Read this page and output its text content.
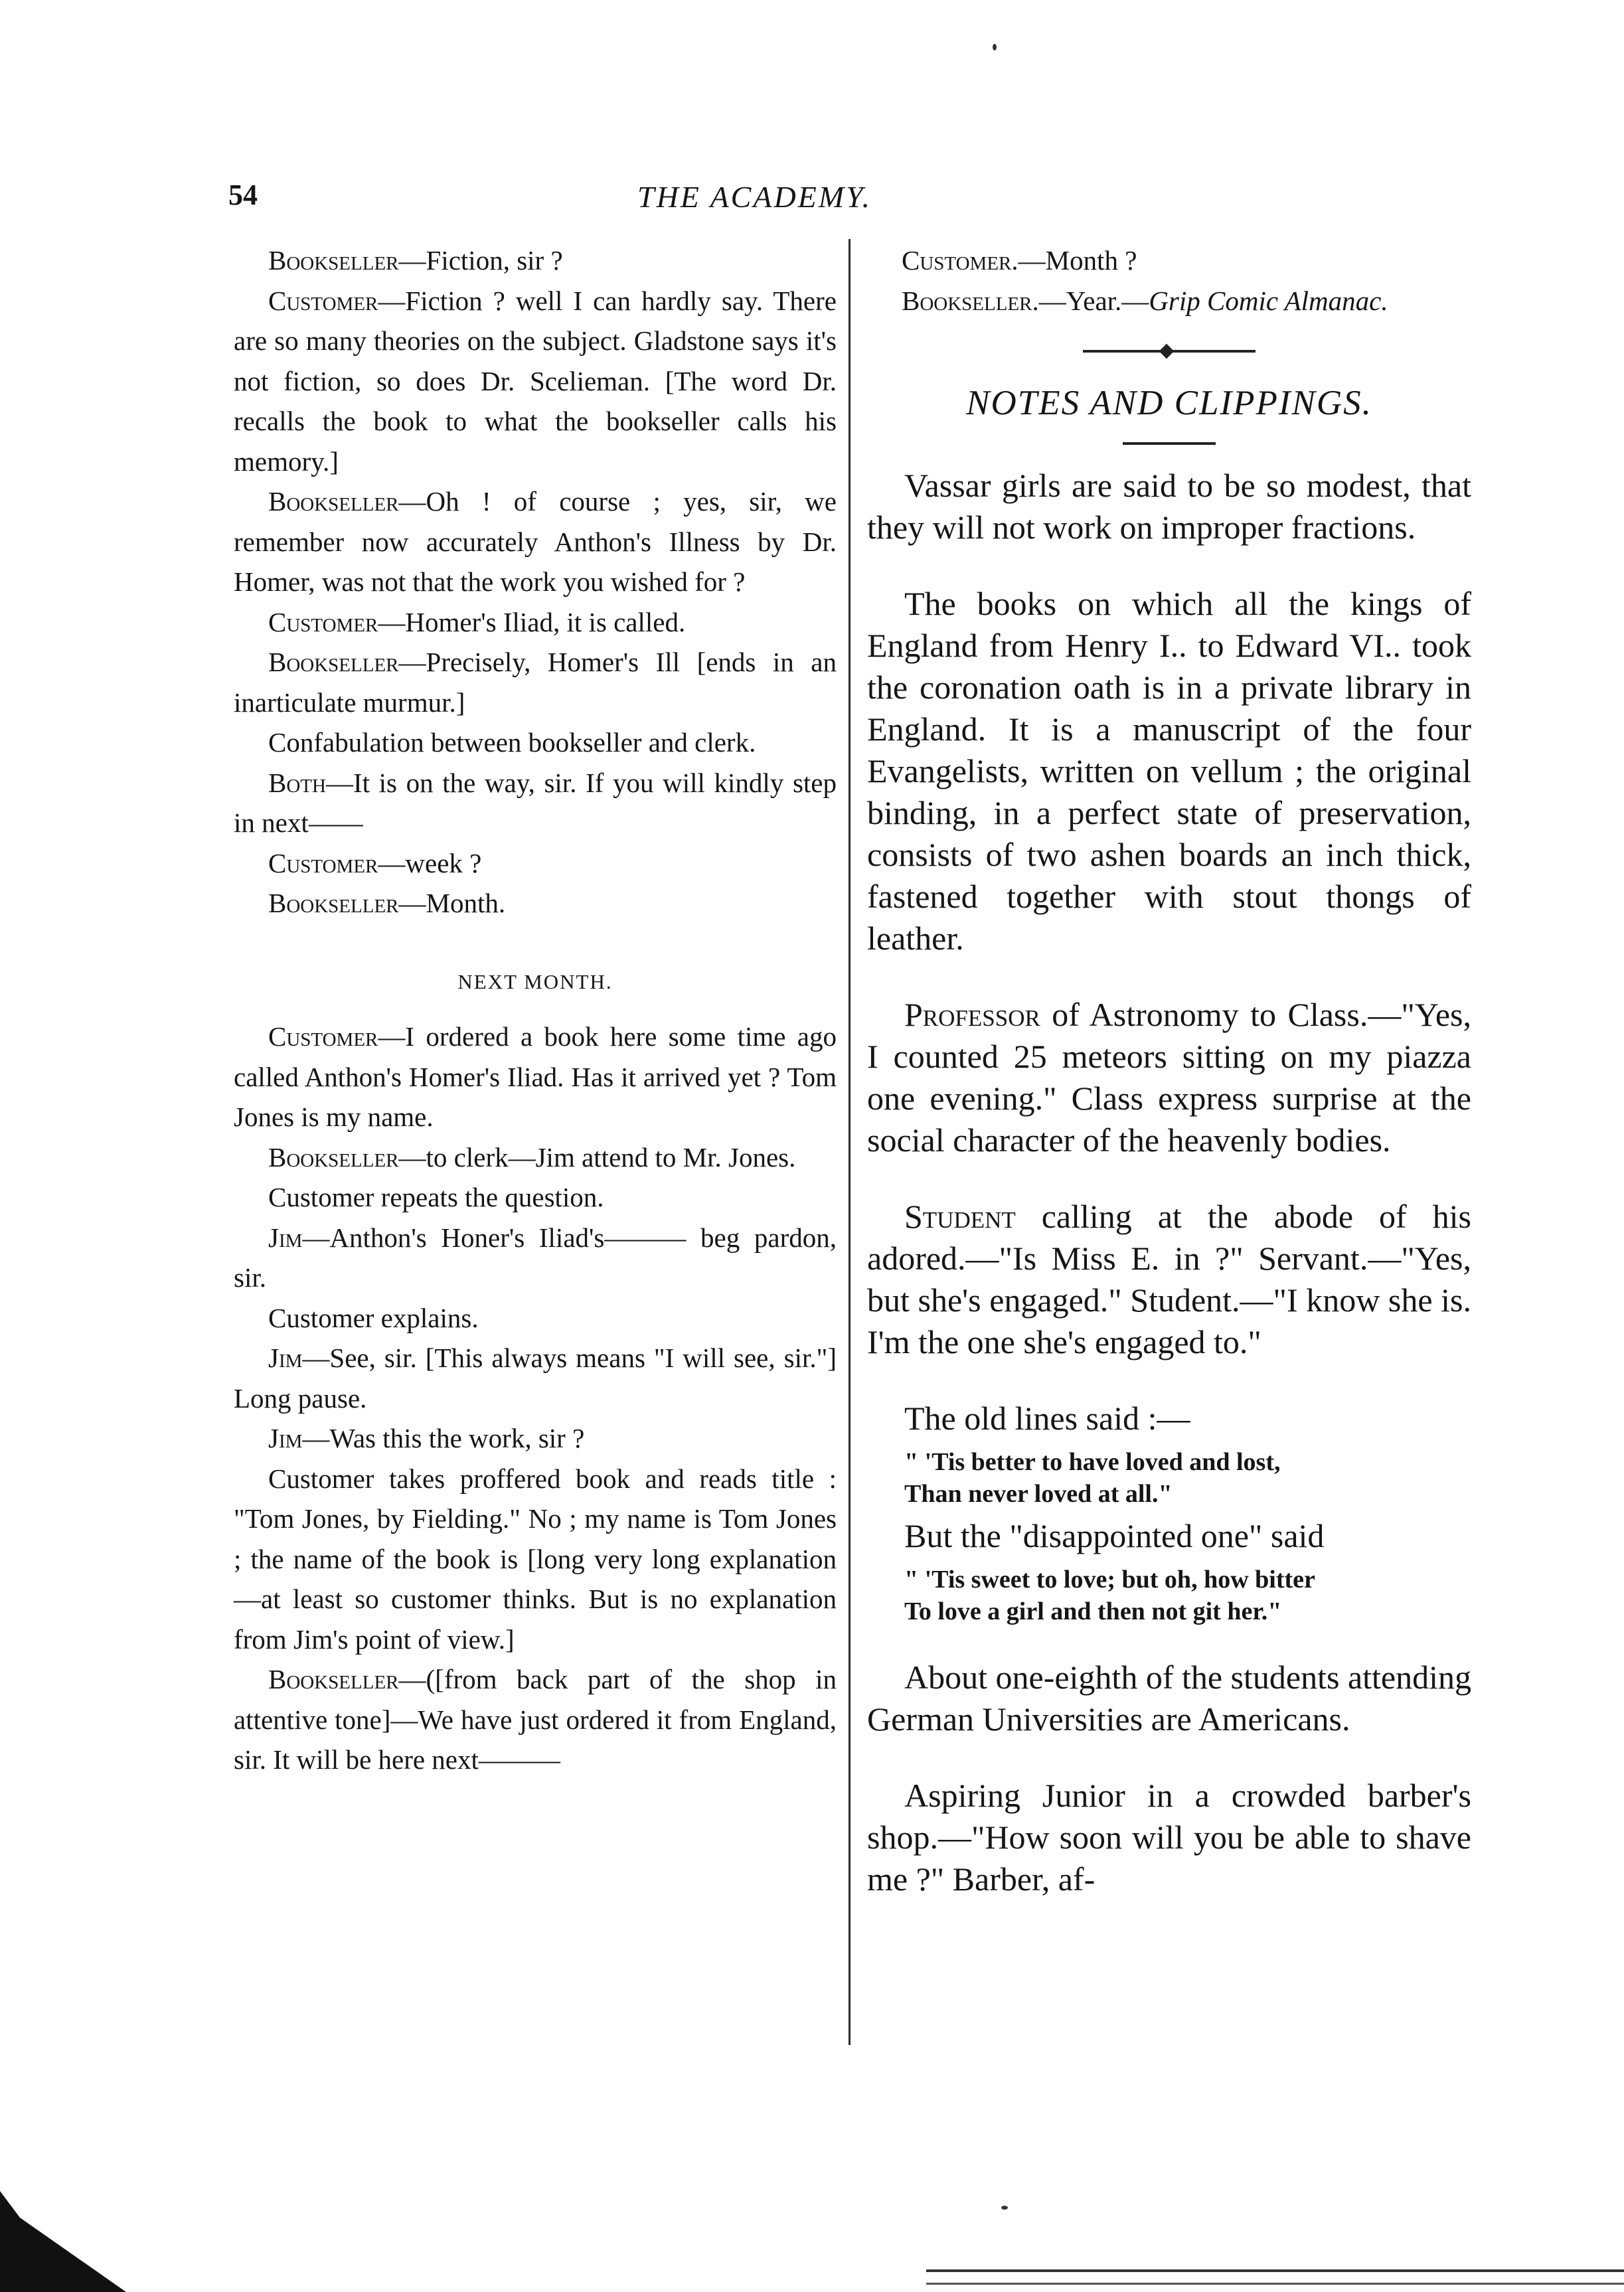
54	THE ACADEMY.

Bookseller—Fiction, sir ?

Customer—Fiction ? well I can hardly say. There are so many theories on the subject. Gladstone says it's not fiction, so does Dr. Scelieman. [The word Dr. recalls the book to what the bookseller calls his memory.]

Bookseller—Oh ! of course ; yes, sir, we remember now accurately Anthon's Illness by Dr. Homer, was not that the work you wished for ?

Customer—Homer's Iliad, it is called.

Bookseller—Precisely, Homer's Ill [ends in an inarticulate murmur.]

Confabulation between bookseller and clerk.

Both—It is on the way, sir. If you will kindly step in next——

Customer—week ?

Bookseller—Month.

NEXT MONTH.

Customer—I ordered a book here some time ago called Anthon's Homer's Iliad. Has it arrived yet ? Tom Jones is my name.

Bookseller—to clerk—Jim attend to Mr. Jones.

Customer repeats the question.

Jim—Anthon's Honer's Iliad's——— beg pardon, sir.

Customer explains.

Jim—See, sir. [This always means "I will see, sir."] Long pause.

Jim—Was this the work, sir ?

Customer takes proffered book and reads title : "Tom Jones, by Fielding." No ; my name is Tom Jones ; the name of the book is [long very long explanation—at least so customer thinks. But is no explanation from Jim's point of view.]

Bookseller—([from back part of the shop in attentive tone]—We have just ordered it from England, sir. It will be here next———

Customer.—Month ?

Bookseller.—Year.—Grip Comic Almanac.

NOTES AND CLIPPINGS.

Vassar girls are said to be so modest, that they will not work on improper fractions.

The books on which all the kings of England from Henry I.. to Edward VI.. took the coronation oath is in a private library in England. It is a manuscript of the four Evangelists, written on vellum ; the original binding, in a perfect state of preservation, consists of two ashen boards an inch thick, fastened together with stout thongs of leather.

Professor of Astronomy to Class.—"Yes, I counted 25 meteors sitting on my piazza one evening." Class express surprise at the social character of the heavenly bodies.

Student calling at the abode of his adored.—"Is Miss E. in ?" Servant.—"Yes, but she's engaged." Student.—"I know she is. I'm the one she's engaged to."

The old lines said :—

" 'Tis better to have loved and lost,
Than never loved at all."

But the "disappointed one" said

" 'Tis sweet to love; but oh, how bitter
To love a girl and then not git her."

About one-eighth of the students attending German Universities are Americans.

Aspiring Junior in a crowded barber's shop.—"How soon will you be able to shave me ?" Barber, af-
